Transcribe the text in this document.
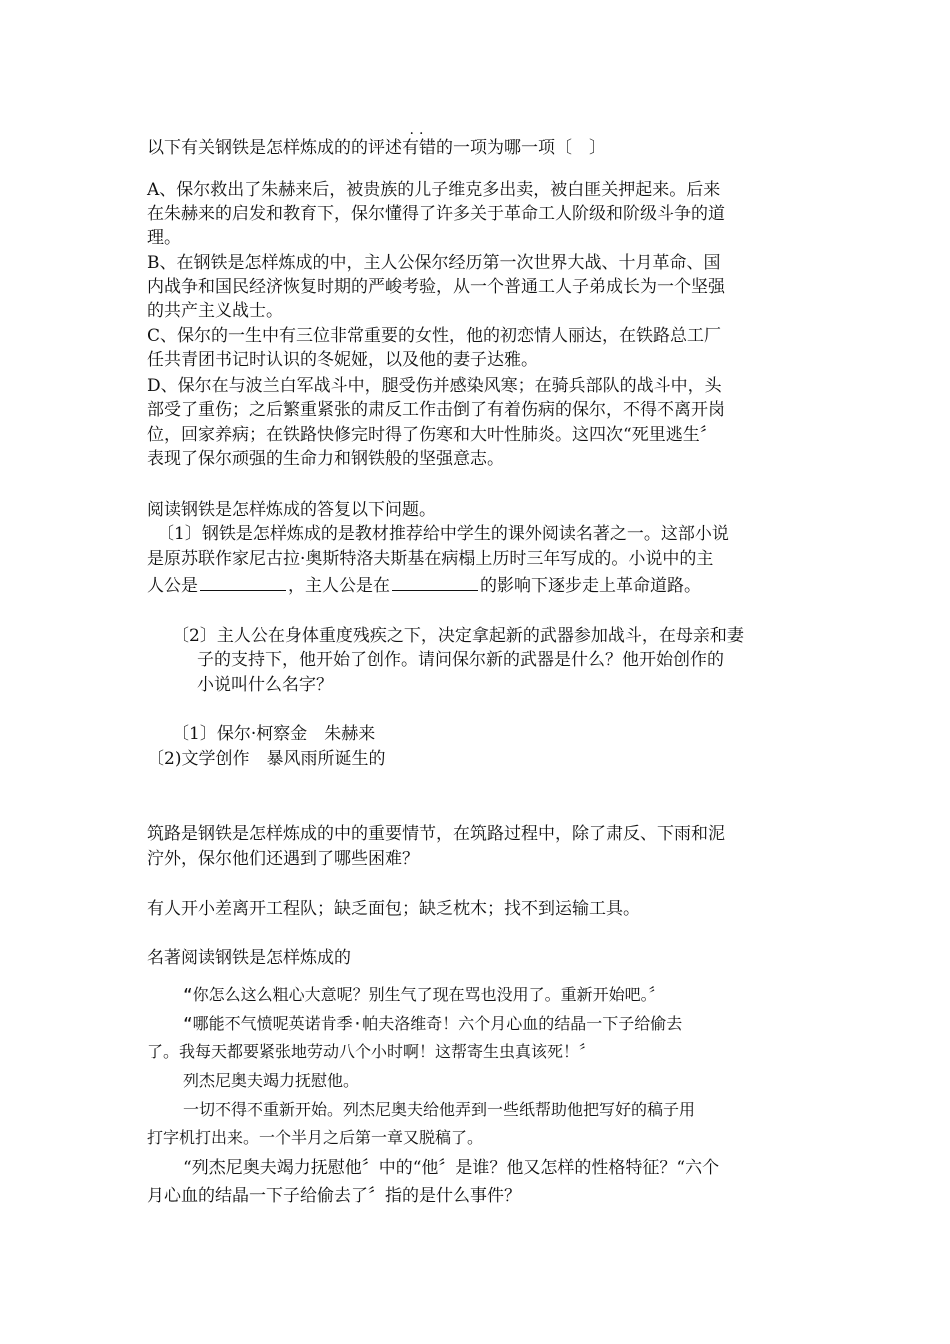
以下有关钢铁是怎样炼成的的评述
..
有错的一项为哪一项〔　〕
A、保尔救出了朱赫来后，被贵族的儿子维克多出卖，被白匪关押起来。后来
在朱赫来的启发和教育下，保尔懂得了许多关于革命工人阶级和阶级斗争的道
理。
B、在钢铁是怎样炼成的中，主人公保尔经历第一次世界大战、十月革命、国
内战争和国民经济恢复时期的严峻考验，从一个普通工人子弟成长为一个坚强
的共产主义战士。
C、保尔的一生中有三位非常重要的女性，他的初恋情人丽达，在铁路总工厂
任共青团书记时认识的冬妮娅，以及他的妻子达雅。
D、保尔在与波兰白军战斗中，腿受伤并感染风寒；在骑兵部队的战斗中，头
部受了重伤；之后繁重紧张的肃反工作击倒了有着伤病的保尔，不得不离开岗
位，回家养病；在铁路快修完时得了伤寒和大叶性肺炎。这四次“死里逃生〞
表现了保尔顽强的生命力和钢铁般的坚强意志。
阅读钢铁是怎样炼成的答复以下问题。
〔1〕钢铁是怎样炼成的是教材推荐给中学生的课外阅读名著之一。这部小说
是原苏联作家尼古拉·奥斯特洛夫斯基在病榻上历时三年写成的。小说中的主
人公是	，主人公是在	的影响下逐步走上革命道路。
〔2〕主人公在身体重度残疾之下，决定拿起新的武器参加战斗，在母亲和妻
子的支持下，他开始了创作。请问保尔新的武器是什么？他开始创作的
小说叫什么名字？
〔1〕保尔·柯察金　朱赫来
〔2)文学创作　暴风雨所诞生的
筑路是钢铁是怎样炼成的中的重要情节，在筑路过程中，除了肃反、下雨和泥
泞外，保尔他们还遇到了哪些困难？
有人开小差离开工程队；缺乏面包；缺乏枕木；找不到运输工具。
名著阅读钢铁是怎样炼成的
“你怎么这么粗心大意呢？别生气了现在骂也没用了。重新开始吧。〞
“哪能不气愤呢英诺肯季·帕夫洛维奇！六个月心血的结晶一下子给偷去
了。我每天都要紧张地劳动八个小时啊！这帮寄生虫真该死！〞
列杰尼奥夫竭力抚慰他。
一切不得不重新开始。列杰尼奥夫给他弄到一些纸帮助他把写好的稿子用
打字机打出来。一个半月之后第一章又脱稿了。
“列杰尼奥夫竭力抚慰他〞中的“他〞是谁？他又怎样的性格特征？“六个
月心血的结晶一下子给偷去了〞指的是什么事件？
